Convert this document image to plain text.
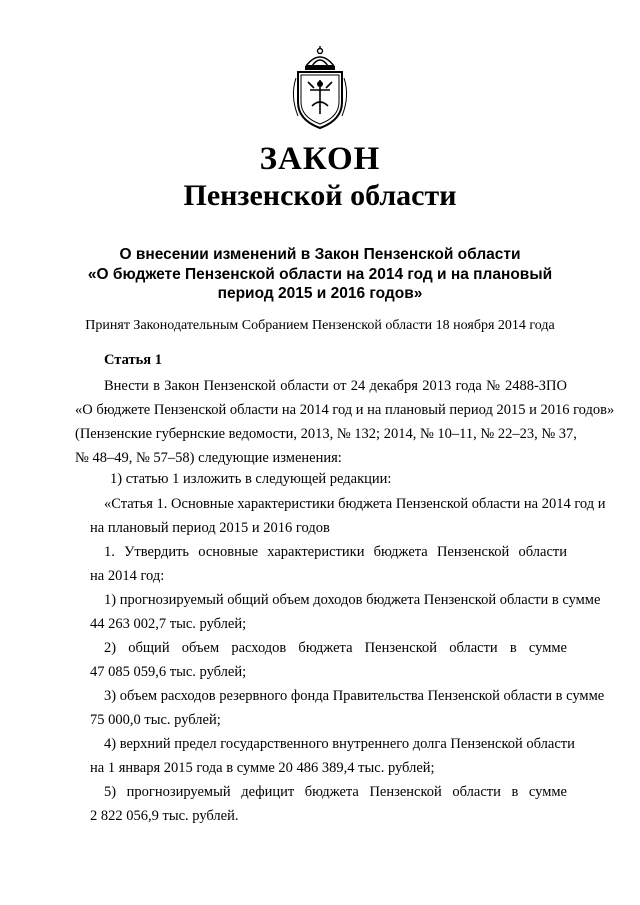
ЗАКОН
Пензенской области
О внесении изменений в Закон Пензенской области
«О бюджете Пензенской области на 2014 год и на плановый
период 2015 и 2016 годов»
Принят Законодательным Собранием Пензенской области 18 ноября 2014 года
Статья 1
Внести в Закон Пензенской области от 24 декабря 2013 года № 2488-ЗПО
«О бюджете Пензенской области на 2014 год и на плановый период 2015 и 2016 годов»
(Пензенские губернские ведомости, 2013, № 132; 2014, № 10–11, № 22–23, № 37,
№ 48–49, № 57–58) следующие изменения:
1) статью 1 изложить в следующей редакции:
«Статья 1. Основные характеристики бюджета Пензенской области на 2014 год и
на плановый период 2015 и 2016 годов
1. Утвердить основные характеристики бюджета Пензенской области
на 2014 год:
1) прогнозируемый общий объем доходов бюджета Пензенской области в сумме
44 263 002,7 тыс. рублей;
2) общий объем расходов бюджета Пензенской области в сумме
47 085 059,6 тыс. рублей;
3) объем расходов резервного фонда Правительства Пензенской области в сумме
75 000,0 тыс. рублей;
4) верхний предел государственного внутреннего долга Пензенской области
на 1 января 2015 года в сумме 20 486 389,4 тыс. рублей;
5) прогнозируемый дефицит бюджета Пензенской области в сумме
2 822 056,9 тыс. рублей.
